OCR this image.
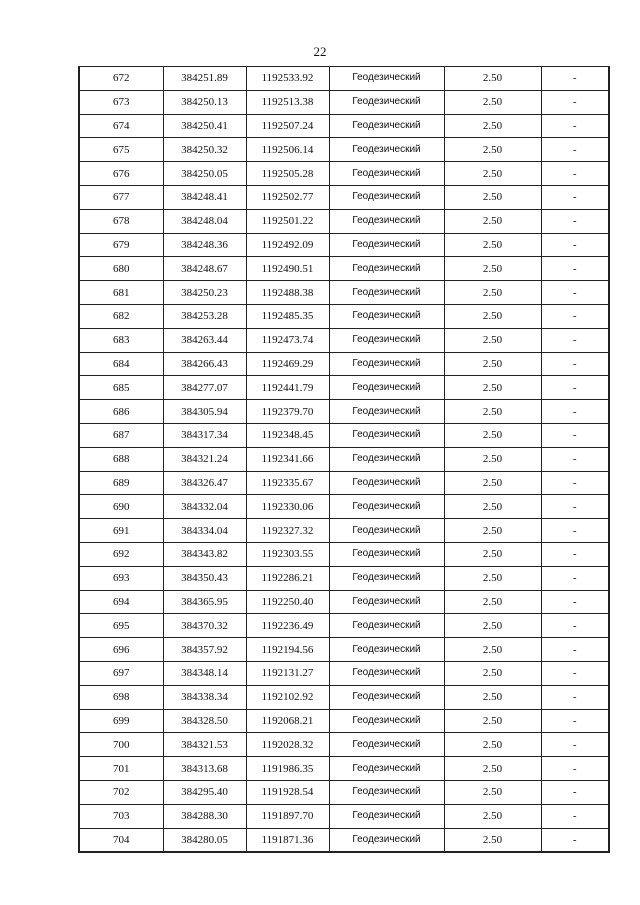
22
672	384251.89	1192533.92	Геодезический	2.50	-
673	384250.13	1192513.38	Геодезический	2.50	-
674	384250.41	1192507.24	Геодезический	2.50	-
675	384250.32	1192506.14	Геодезический	2.50	-
676	384250.05	1192505.28	Геодезический	2.50	-
677	384248.41	1192502.77	Геодезический	2.50	-
678	384248.04	1192501.22	Геодезический	2.50	-
679	384248.36	1192492.09	Геодезический	2.50	-
680	384248.67	1192490.51	Геодезический	2.50	-
681	384250.23	1192488.38	Геодезический	2.50	-
682	384253.28	1192485.35	Геодезический	2.50	-
683	384263.44	1192473.74	Геодезический	2.50	-
684	384266.43	1192469.29	Геодезический	2.50	-
685	384277.07	1192441.79	Геодезический	2.50	-
686	384305.94	1192379.70	Геодезический	2.50	-
687	384317.34	1192348.45	Геодезический	2.50	-
688	384321.24	1192341.66	Геодезический	2.50	-
689	384326.47	1192335.67	Геодезический	2.50	-
690	384332.04	1192330.06	Геодезический	2.50	-
691	384334.04	1192327.32	Геодезический	2.50	-
692	384343.82	1192303.55	Геодезический	2.50	-
693	384350.43	1192286.21	Геодезический	2.50	-
694	384365.95	1192250.40	Геодезический	2.50	-
695	384370.32	1192236.49	Геодезический	2.50	-
696	384357.92	1192194.56	Геодезический	2.50	-
697	384348.14	1192131.27	Геодезический	2.50	-
698	384338.34	1192102.92	Геодезический	2.50	-
699	384328.50	1192068.21	Геодезический	2.50	-
700	384321.53	1192028.32	Геодезический	2.50	-
701	384313.68	1191986.35	Геодезический	2.50	-
702	384295.40	1191928.54	Геодезический	2.50	-
703	384288.30	1191897.70	Геодезический	2.50	-
704	384280.05	1191871.36	Геодезический	2.50	-
